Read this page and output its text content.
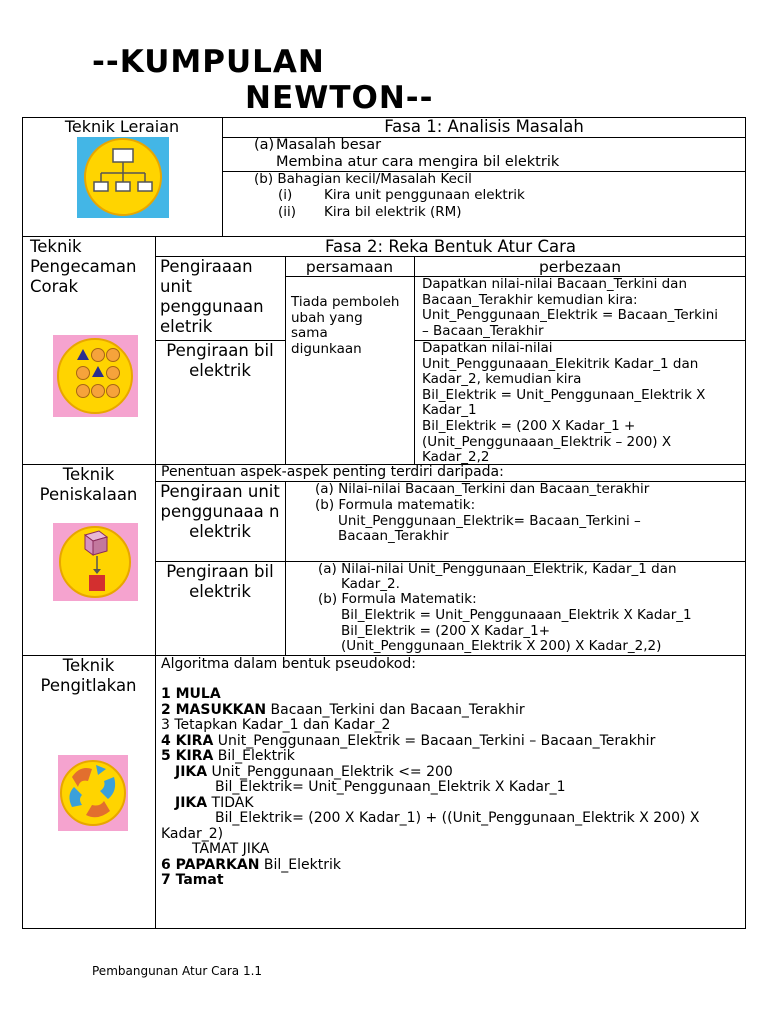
--KUMPULAN
NEWTON--
Teknik Leraian	Fasa 1: Analisis Masalah
(a) Masalah besar
Membina atur cara mengira bil elektrik
(b) Bahagian kecil/Masalah Kecil
(i) Kira unit penggunaan elektrik
(ii) Kira bil elektrik (RM)
Teknik Pengecaman Corak
Fasa 2: Reka Bentuk Atur Cara
persamaan	perbezaan
Pengiraaan unit penggunaan eletrik
Pengiraan bil elektrik
Tiada pemboleh
ubah yang
sama
digunkaan
Dapatkan nilai-nilai Bacaan_Terkini dan
Bacaan_Terakhir kemudian kira:
Unit_Penggunaan_Elektrik = Bacaan_Terkini
– Bacaan_Terakhir
Dapatkan nilai-nilai
Unit_Penggunaaan_Elekitrik Kadar_1 dan
Kadar_2, kemudian kira
Bil_Elektrik = Unit_Penggunaan_Elektrik X
Kadar_1
Bil_Elektrik = (200 X Kadar_1 +
(Unit_Penggunaaan_Elektrik – 200) X
Kadar_2,2
Teknik Peniskalaan
Penentuan aspek-aspek penting terdiri daripada:
Pengiraan unit penggunaaa n elektrik
Pengiraan bil elektrik
(a) Nilai-nilai Bacaan_Terkini dan Bacaan_terakhir
(b) Formula matematik:
Unit_Penggunaan_Elektrik= Bacaan_Terkini –
Bacaan_Terakhir
(a) Nilai-nilai Unit_Penggunaan_Elektrik, Kadar_1 dan
Kadar_2.
(b) Formula Matematik:
Bil_Elektrik = Unit_Penggunaaan_Elektrik X Kadar_1
Bil_Elektrik = (200 X Kadar_1+
(Unit_Penggunaan_Elektrik X 200) X Kadar_2,2)
Teknik Pengitlakan
Algoritma dalam bentuk pseudokod:
1 MULA
2 MASUKKAN Bacaan_Terkini dan Bacaan_Terakhir
3 Tetapkan Kadar_1 dan Kadar_2
4 KIRA Unit_Penggunaan_Elektrik = Bacaan_Terkini – Bacaan_Terakhir
5 KIRA Bil_Elektrik
JIKA Unit_Penggunaan_Elektrik <= 200
Bil_Elektrik= Unit_Penggunaan_Elektrik X Kadar_1
JIKA TIDAK
Bil_Elektrik= (200 X Kadar_1) + ((Unit_Penggunaan_Elektrik X 200) X
Kadar_2)
TAMAT JIKA
6 PAPARKAN Bil_Elektrik
7 Tamat
Pembangunan Atur Cara 1.1
